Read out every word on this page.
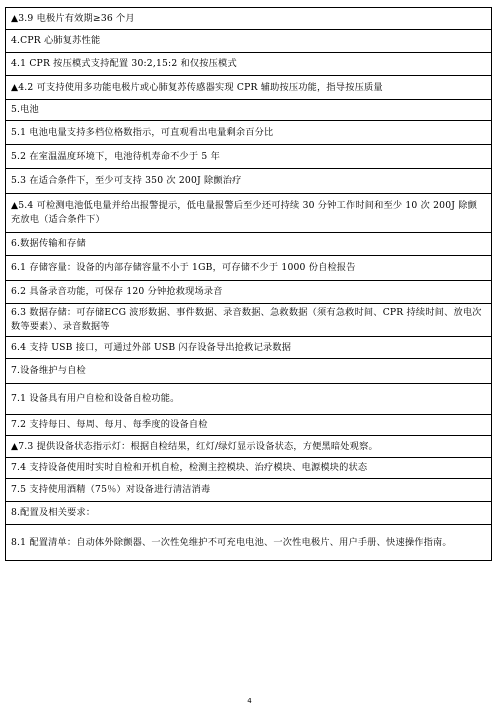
▲3.9 电极片有效期≥36 个月
4.CPR 心肺复苏性能
4.1 CPR 按压模式支持配置 30:2,15:2 和仅按压模式
▲4.2 可支持使用多功能电极片或心肺复苏传感器实现 CPR 辅助按压功能，指导按压质量
5.电池
5.1 电池电量支持多档位格数指示，可直观看出电量剩余百分比
5.2 在室温温度环境下，电池待机寿命不少于 5 年
5.3 在适合条件下，至少可支持 350 次 200J 除颤治疗
▲5.4 可检测电池低电量并给出报警提示，低电量报警后至少还可持续 30 分钟工作时间和至少 10 次 200J 除颤充放电（适合条件下）
6.数据传输和存储
6.1 存储容量：设备的内部存储容量不小于 1GB，可存储不少于 1000 份自检报告
6.2 具备录音功能，可保存 120 分钟抢救现场录音
6.3 数据存储：可存储ECG 波形数据、事件数据、录音数据、急救数据（须有急救时间、CPR 持续时间、放电次数等要素）、录音数据等
6.4 支持 USB 接口，可通过外部 USB 闪存设备导出抢救记录数据
7.设备维护与自检
7.1 设备具有用户自检和设备自检功能。
7.2 支持每日、每周、每月、每季度的设备自检
▲7.3 提供设备状态指示灯：根据自检结果，红灯/绿灯显示设备状态，方便黑暗处观察。
7.4 支持设备使用时实时自检和开机自检，检测主控模块、治疗模块、电源模块的状态
7.5 支持使用酒精（75％）对设备进行清洁消毒
8.配置及相关要求：
8.1 配置清单：自动体外除颤器、一次性免维护不可充电电池、一次性电极片、用户手册、快速操作指南。
4
